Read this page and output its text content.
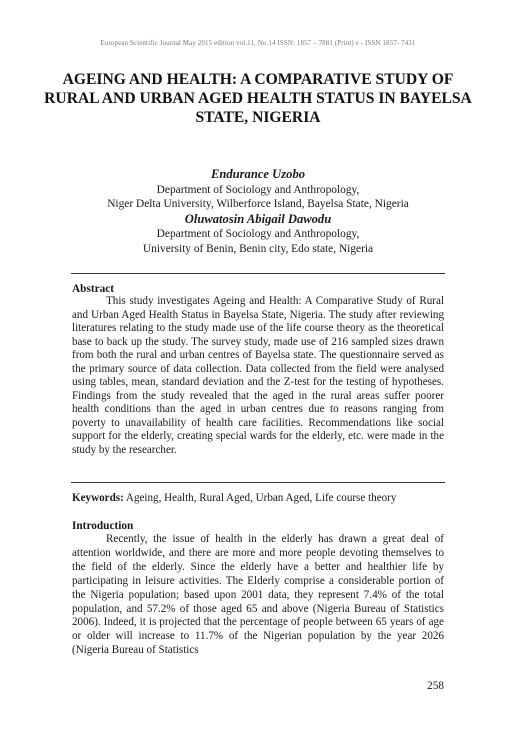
European Scientific Journal May 2015 edition vol.11, No.14 ISSN: 1857 – 7881 (Print) e - ISSN 1857- 7431
AGEING AND HEALTH: A COMPARATIVE STUDY OF RURAL AND URBAN AGED HEALTH STATUS IN BAYELSA STATE, NIGERIA
Endurance Uzobo
Department of Sociology and Anthropology,
Niger Delta University, Wilberforce Island, Bayelsa State, Nigeria
Oluwatosin Abigail Dawodu
Department of Sociology and Anthropology,
University of Benin, Benin city, Edo state, Nigeria
Abstract
This study investigates Ageing and Health: A Comparative Study of Rural and Urban Aged Health Status in Bayelsa State, Nigeria. The study after reviewing literatures relating to the study made use of the life course theory as the theoretical base to back up the study. The survey study, made use of 216 sampled sizes drawn from both the rural and urban centres of Bayelsa state. The questionnaire served as the primary source of data collection. Data collected from the field were analysed using tables, mean, standard deviation and the Z-test for the testing of hypotheses. Findings from the study revealed that the aged in the rural areas suffer poorer health conditions than the aged in urban centres due to reasons ranging from poverty to unavailability of health care facilities. Recommendations like social support for the elderly, creating special wards for the elderly, etc. were made in the study by the researcher.
Keywords: Ageing, Health, Rural Aged, Urban Aged, Life course theory
Introduction
Recently, the issue of health in the elderly has drawn a great deal of attention worldwide, and there are more and more people devoting themselves to the field of the elderly. Since the elderly have a better and healthier life by participating in leisure activities. The Elderly comprise a considerable portion of the Nigeria population; based upon 2001 data, they represent 7.4% of the total population, and 57.2% of those aged 65 and above (Nigeria Bureau of Statistics 2006). Indeed, it is projected that the percentage of people between 65 years of age or older will increase to 11.7% of the Nigerian population by the year 2026 (Nigeria Bureau of Statistics
258
